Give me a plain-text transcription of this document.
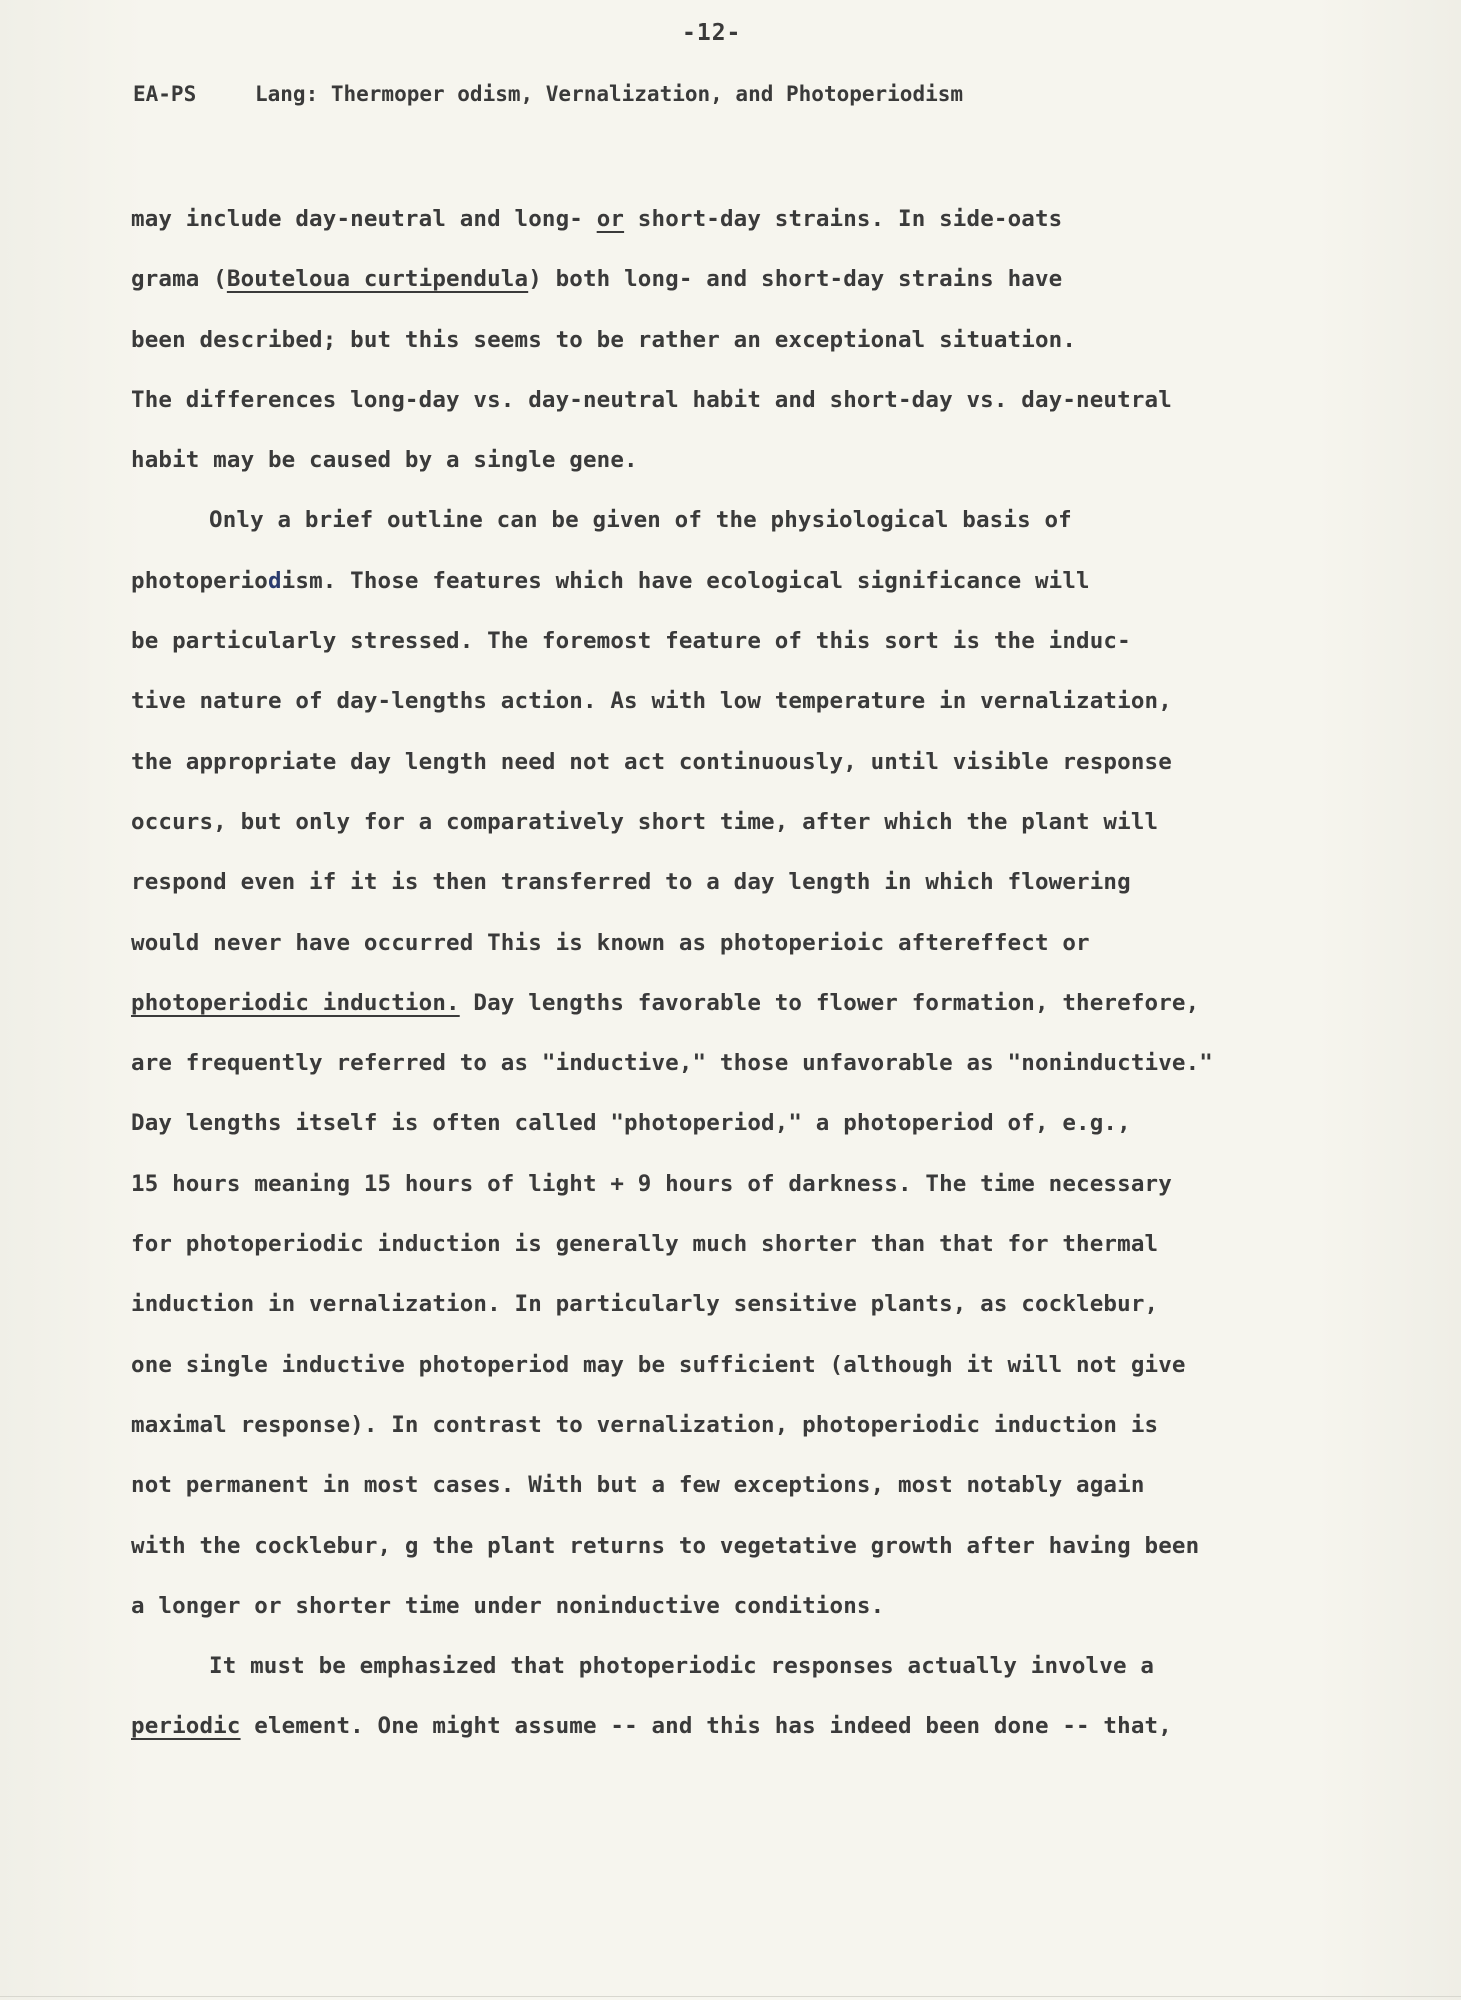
-12-
EA-PS	Lang: Thermoper odism, Vernalization, and Photoperiodism
may include day-neutral and long- or short-day strains. In side-oats
grama (Bouteloua curtipendula) both long- and short-day strains have
been described; but this seems to be rather an exceptional situation.
The differences long-day vs. day-neutral habit and short-day vs. day-neutral
habit may be caused by a single gene.
Only a brief outline can be given of the physiological basis of
photoperiodism. Those features which have ecological significance will
be particularly stressed. The foremost feature of this sort is the induc-
tive nature of day-lengths action. As with low temperature in vernalization,
the appropriate day length need not act continuously, until visible response
occurs, but only for a comparatively short time, after which the plant will
respond even if it is then transferred to a day length in which flowering
would never have occurred This is known as photoperioic aftereffect or
photoperiodic induction. Day lengths favorable to flower formation, therefore,
are frequently referred to as "inductive," those unfavorable as "noninductive."
Day lengths itself is often called "photoperiod," a photoperiod of, e.g.,
15 hours meaning 15 hours of light + 9 hours of darkness. The time necessary
for photoperiodic induction is generally much shorter than that for thermal
induction in vernalization. In particularly sensitive plants, as cocklebur,
one single inductive photoperiod may be sufficient (although it will not give
maximal response). In contrast to vernalization, photoperiodic induction is
not permanent in most cases. With but a few exceptions, most notably again
with the cocklebur, g the plant returns to vegetative growth after having been
a longer or shorter time under noninductive conditions.
It must be emphasized that photoperiodic responses actually involve a
periodic element. One might assume -- and this has indeed been done -- that,
